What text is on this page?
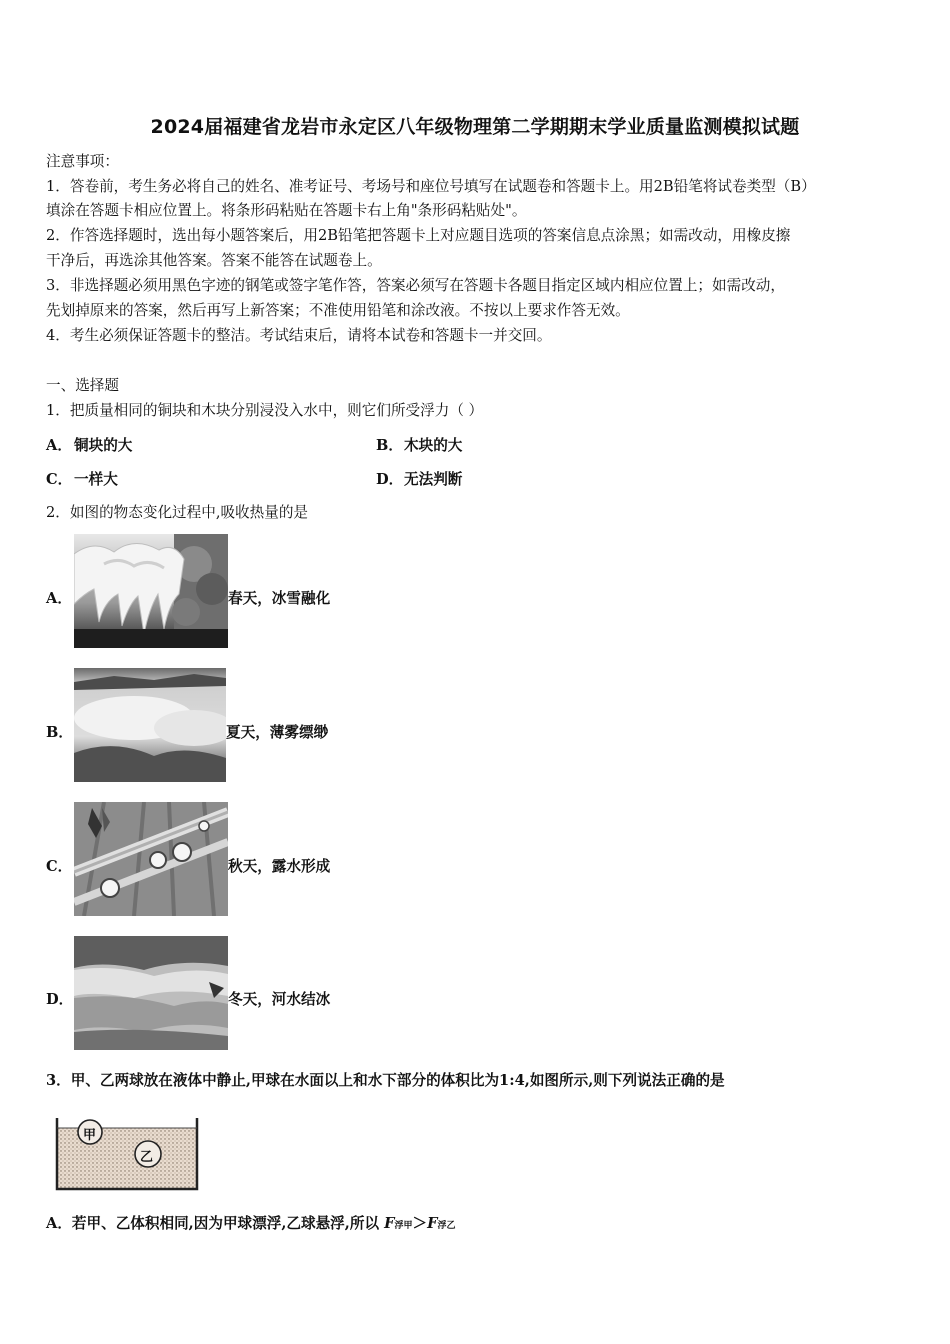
2024届福建省龙岩市永定区八年级物理第二学期期末学业质量监测模拟试题
注意事项：
1．答卷前，考生务必将自己的姓名、准考证号、考场号和座位号填写在试题卷和答题卡上。用2B铅笔将试卷类型（B）
填涂在答题卡相应位置上。将条形码粘贴在答题卡右上角"条形码粘贴处"。
2．作答选择题时，选出每小题答案后，用2B铅笔把答题卡上对应题目选项的答案信息点涂黑；如需改动，用橡皮擦
干净后，再选涂其他答案。答案不能答在试题卷上。
3．非选择题必须用黑色字迹的钢笔或签字笔作答，答案必须写在答题卡各题目指定区域内相应位置上；如需改动，
先划掉原来的答案，然后再写上新答案；不准使用铅笔和涂改液。不按以上要求作答无效。
4．考生必须保证答题卡的整洁。考试结束后，请将本试卷和答题卡一并交回。
一、选择题
1．把质量相同的铜块和木块分别浸没入水中，则它们所受浮力（ ）
A． 铜块的大	B． 木块的大
C． 一样大	D． 无法判断
2．如图的物态变化过程中,吸收热量的是
A．	春天，冰雪融化
B．	夏天，薄雾缥缈
C．	秋天，露水形成
D．	冬天，河水结冰
3．甲、乙两球放在液体中静止,甲球在水面以上和水下部分的体积比为1:4,如图所示,则下列说法正确的是
甲
乙
A．若甲、乙体积相同,因为甲球漂浮,乙球悬浮,所以 F浮甲＞F浮乙
